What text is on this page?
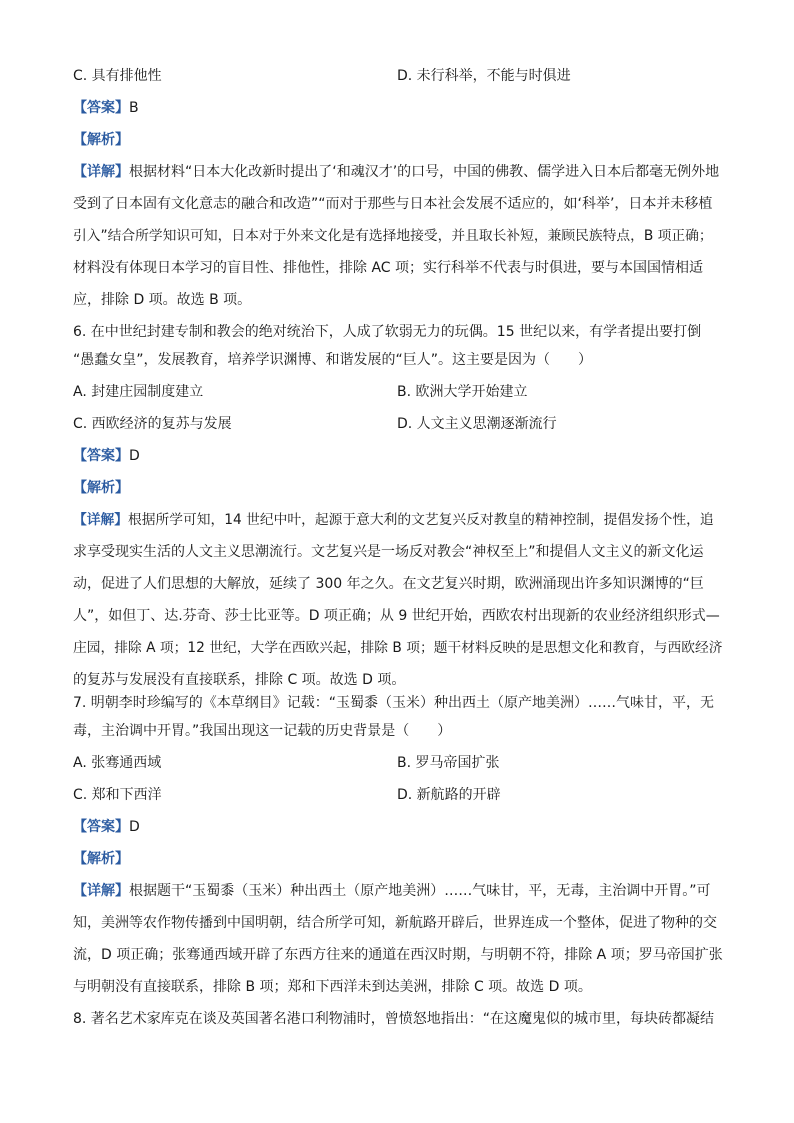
C. 具有排他性	D. 未行科举，不能与时俱进
【答案】B
【解析】
【详解】根据材料“日本大化改新时提出了‘和魂汉才’的口号，中国的佛教、儒学进入日本后都毫无例外地
受到了日本固有文化意志的融合和改造”“而对于那些与日本社会发展不适应的，如‘科举’，日本并未移植
引入”结合所学知识可知，日本对于外来文化是有选择地接受，并且取长补短，兼顾民族特点，B 项正确；
材料没有体现日本学习的盲目性、排他性，排除 AC 项；实行科举不代表与时俱进，要与本国国情相适
应，排除 D 项。故选 B 项。
6. 在中世纪封建专制和教会的绝对统治下，人成了软弱无力的玩偶。15 世纪以来，有学者提出要打倒
“愚蠢女皇”，发展教育，培养学识渊博、和谐发展的“巨人”。这主要是因为（　　）
A. 封建庄园制度建立	B. 欧洲大学开始建立
C. 西欧经济的复苏与发展	D. 人文主义思潮逐渐流行
【答案】D
【解析】
【详解】根据所学可知，14 世纪中叶，起源于意大利的文艺复兴反对教皇的精神控制，提倡发扬个性，追
求享受现实生活的人文主义思潮流行。文艺复兴是一场反对教会“神权至上”和提倡人文主义的新文化运
动，促进了人们思想的大解放，延续了 300 年之久。在文艺复兴时期，欧洲涌现出许多知识渊博的“巨
人”，如但丁、达.芬奇、莎士比亚等。D 项正确；从 9 世纪开始，西欧农村出现新的农业经济组织形式—
庄园，排除 A 项；12 世纪，大学在西欧兴起，排除 B 项；题干材料反映的是思想文化和教育，与西欧经济
的复苏与发展没有直接联系，排除 C 项。故选 D 项。
7. 明朝李时珍编写的《本草纲目》记载：“玉蜀黍（玉米）种出西土（原产地美洲）……气味甘，平，无
毒，主治调中开胃。”我国出现这一记载的历史背景是（　　）
A. 张骞通西域	B. 罗马帝国扩张
C. 郑和下西洋	D. 新航路的开辟
【答案】D
【解析】
【详解】根据题干“玉蜀黍（玉米）种出西土（原产地美洲）……气味甘，平，无毒，主治调中开胃。”可
知，美洲等农作物传播到中国明朝，结合所学可知，新航路开辟后，世界连成一个整体，促进了物种的交
流，D 项正确；张骞通西域开辟了东西方往来的通道在西汉时期，与明朝不符，排除 A 项；罗马帝国扩张
与明朝没有直接联系，排除 B 项；郑和下西洋未到达美洲，排除 C 项。故选 D 项。
8. 著名艺术家库克在谈及英国著名港口利物浦时，曾愤怒地指出：“在这魔鬼似的城市里，每块砖都凝结
